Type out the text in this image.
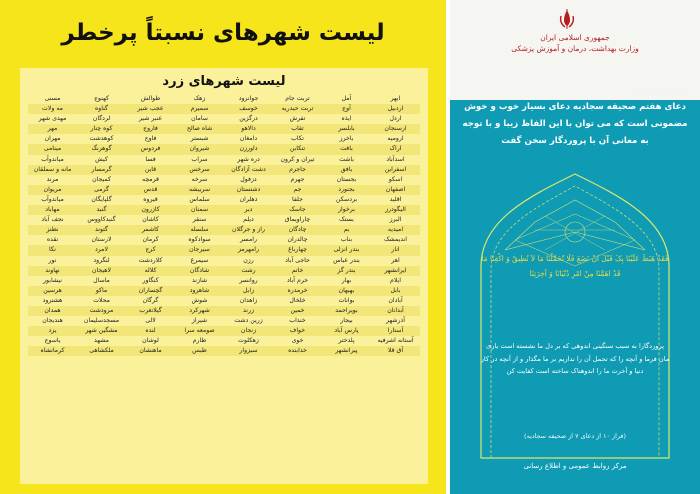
لیست شهرهای نسبتاً پرخطر
لیست شهرهای زرد
ابهر
آمل
تربت جام
جوانرود
زهک
طوالش
کهنوج
مسنی
اردبیل
آوج
تربت حیدریه
خوسف
سمیرم
عجب شیر
گناوه
مه ولات
اردل
ایذه
تفرش
درگزین
سامان
عنبر شیر
لردگان
مهدی شهر
ارسنجان
بابلسر
تقاب
دالاهو
شاه صالح
فاروج
کوه چنار
مهر
ارومیه
باخرز
تکاب
دامغان
شبستر
فاوج
کوهدشت
مهران
اراک
بافت
تنکابن
داورزن
شیروان
فردوس
گوهرنگ
مینامی
اسدآباد
باشت
تیران و کرون
دره شهر
سراب
فسا
کیش
میاندوآب
اسفراین
بافق
جاجرم
دشت آزادگان
سرخس
قاین
گرمسار
مانه و سملقان
اسکو
بجستان
جهرم
دزفول
سرخه
قرمچه
کمیجان
مرند
اصفهان
بجنورد
جم
دشتستان
سربیشه
قدس
گرمی
مریوان
اقلید
بردسکن
جلفا
دهلران
سلماس
قیروه
گلپایگان
میاندوآب
الیگودرز
برخوار
جاسک
دیر
سمنان
کازرون
گنبد
مهاباد
البرز
بستک
چاراویماق
دیلم
سنقر
کاشان
گنبدکاووس
نجف آباد
امیدیه
بم
چادگان
راز و جرگلان
سلسله
کاشمر
گتوند
نطنز
اندیمشک
بناب
چالدران
رامسر
سوادکوه
کرمان
لارستان
نقده
انار
بندر انزلی
چهارباغ
رامهرمز
سیرجان
کرج
لامرد
نکا
اهر
بندر عباس
حاجی آباد
رزن
سیمرغ
کلاردشت
لنگرود
نور
ایرانشهر
بندر گز
خاتم
رشت
شادگان
کلاله
لاهیجان
نهاوند
ایلام
بهار
خرم آباد
روانسر
شازند
کنگاور
ماسال
نیشابور
بابل
بهبهان
خرمدره
زابل
شاهرود
گچساران
ماکو
هرسین
آبادان
بوانات
خلخال
زاهدان
شوش
گرگان
محلات
هشترود
آبدانان
بویراحمد
خمین
زرند
شهرکرد
گیلانغرب
مرودشت
همدان
آذرشهر
بیجار
خنداب
زرین دشت
شیراز
لالی
مسجدسلیمان
هندیجان
آستارا
پارس آباد
خواف
زنجان
صومعه سرا
لنده
مشگین شهر
یزد
آستانه اشرفیه
پلدختر
خوی
زهکلوت
طارم
لوشان
مشهد
یاسوج
آق قلا
پیرانشهر
خدابنده
سبزوار
طبس
ماهنشان
ملکشاهی
کرمانشاه
جمهوری اسلامی ایران
وزارت بهداشت، درمان و آموزش پزشکی
مقام معظم رهبری:
دعای هفتم صحیفه سجادیه دعای بسیار خوب و خوش مضمونی است که می توان با این الفاظ زیبا و با توجه به معانی آن با پروردگار سخن گفت
فَقَدْ هَبَطَ عَلَیْنَا بِکَ قَبْلَ انْ نَضَعَ فَلَا تُحَمِّلْنَا مَا لاَ نُطِیقُ وَ اکْفِنَا مَا قَدْ اهَمَّنَا مِنْ امْرِ دُنْیَانَا وَ آخِرَتِنَا
پروردگارا به سبب سنگینی اندوهی که بر دل ما نشسته است یاری مان فرما و آنچه را که تحمل آن را نداریم بر ما مگذار و از آنچه در کار دنیا و آخرت ما را اندوهناک ساخته است کفایت کن
(فراز ۱۰ از دعای ۷ از صحیفه سجادیه)
مرکز روابط عمومی و اطلاع رسانی
